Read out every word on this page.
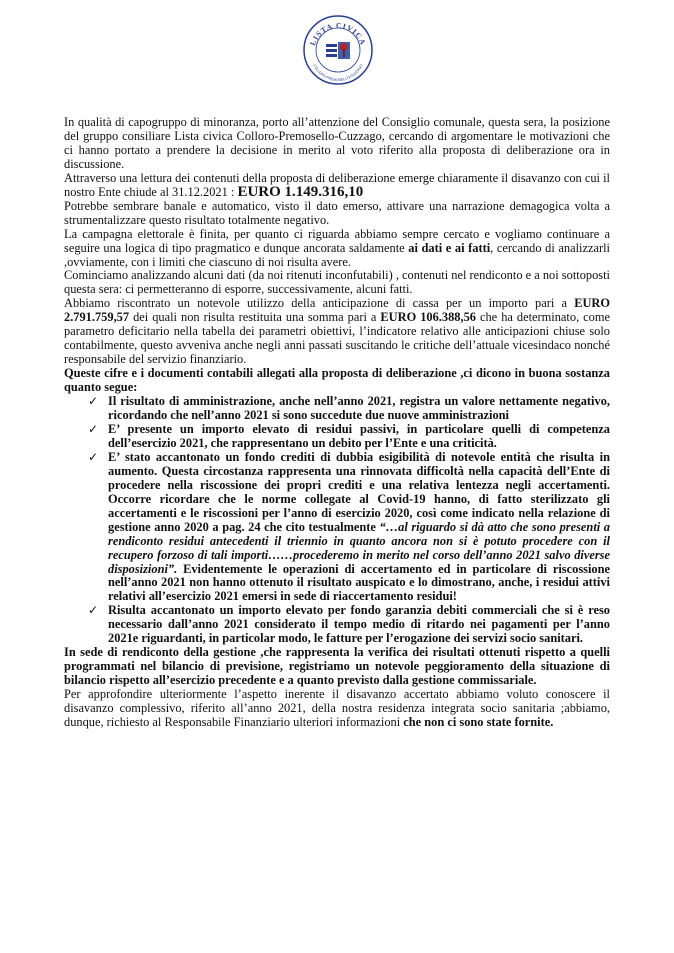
LISTA CIVICA
COLLORO-PREMOSELLO-CUZZAGO

In qualità di capogruppo di minoranza, porto all’attenzione del Consiglio comunale, questa sera, la posizione del gruppo consiliare Lista civica Colloro-Premosello-Cuzzago, cercando di argomentare le motivazioni che ci hanno portato a prendere la decisione in merito al voto riferito alla proposta di deliberazione ora in discussione.

Attraverso una lettura dei contenuti della proposta di deliberazione emerge chiaramente il disavanzo con cui il nostro Ente chiude al 31.12.2021 : EURO 1.149.316,10

Potrebbe sembrare banale e automatico, visto il dato emerso, attivare una narrazione demagogica volta a strumentalizzare questo risultato totalmente negativo.

La campagna elettorale è finita, per quanto ci riguarda abbiamo sempre cercato e vogliamo continuare a seguire una logica di tipo pragmatico e dunque ancorata saldamente ai dati e ai fatti, cercando di analizzarli ,ovviamente, con i limiti che ciascuno di noi risulta avere.

Cominciamo analizzando alcuni dati (da noi ritenuti inconfutabili) , contenuti nel rendiconto e a noi sottoposti questa sera: ci permetteranno di esporre, successivamente, alcuni fatti.

Abbiamo riscontrato un notevole utilizzo della anticipazione di cassa per un importo pari a EURO 2.791.759,57 dei quali non risulta restituita una somma pari a EURO 106.388,56 che ha determinato, come parametro deficitario nella tabella dei parametri obiettivi, l’indicatore relativo alle anticipazioni chiuse solo contabilmente, questo avveniva anche negli anni passati suscitando le critiche dell’attuale vicesindaco nonché responsabile del servizio finanziario.

Queste cifre e i documenti contabili allegati alla proposta di deliberazione ,ci dicono in buona sostanza quanto segue:

✓ Il risultato di amministrazione, anche nell’anno 2021, registra un valore nettamente negativo, ricordando che nell’anno 2021 si sono succedute due nuove amministrazioni
✓ E’ presente un importo elevato di residui passivi, in particolare quelli di competenza dell’esercizio 2021, che rappresentano un debito per l’Ente e una criticità.
✓ E’ stato accantonato un fondo crediti di dubbia esigibilità di notevole entità che risulta in aumento. Questa circostanza rappresenta una rinnovata difficoltà nella capacità dell’Ente di procedere nella riscossione dei propri crediti e una relativa lentezza negli accertamenti. Occorre ricordare che le norme collegate al Covid-19 hanno, di fatto sterilizzato gli accertamenti e le riscossioni per l’anno di esercizio 2020, così come indicato nella relazione di gestione anno 2020 a pag. 24 che cito testualmente “…al riguardo si dà atto che sono presenti a rendiconto residui antecedenti il triennio in quanto ancora non si è potuto procedere con il recupero forzoso di tali importi……procederemo in merito nel corso dell’anno 2021 salvo diverse disposizioni”. Evidentemente le operazioni di accertamento ed in particolare di riscossione nell’anno 2021 non hanno ottenuto il risultato auspicato e lo dimostrano, anche, i residui attivi relativi all’esercizio 2021 emersi in sede di riaccertamento residui!
✓ Risulta accantonato un importo elevato per fondo garanzia debiti commerciali che si è reso necessario dall’anno 2021 considerato il tempo medio di ritardo nei pagamenti per l’anno 2021e riguardanti, in particolar modo, le fatture per l’erogazione dei servizi socio sanitari.

In sede di rendiconto della gestione ,che rappresenta la verifica dei risultati ottenuti rispetto a quelli programmati nel bilancio di previsione, registriamo un notevole peggioramento della situazione di bilancio rispetto all’esercizio precedente e a quanto previsto dalla gestione commissariale.

Per approfondire ulteriormente l’aspetto inerente il disavanzo accertato abbiamo voluto conoscere il disavanzo complessivo, riferito all’anno 2021, della nostra residenza integrata socio sanitaria ;abbiamo, dunque, richiesto al Responsabile Finanziario ulteriori informazioni che non ci sono state fornite.
